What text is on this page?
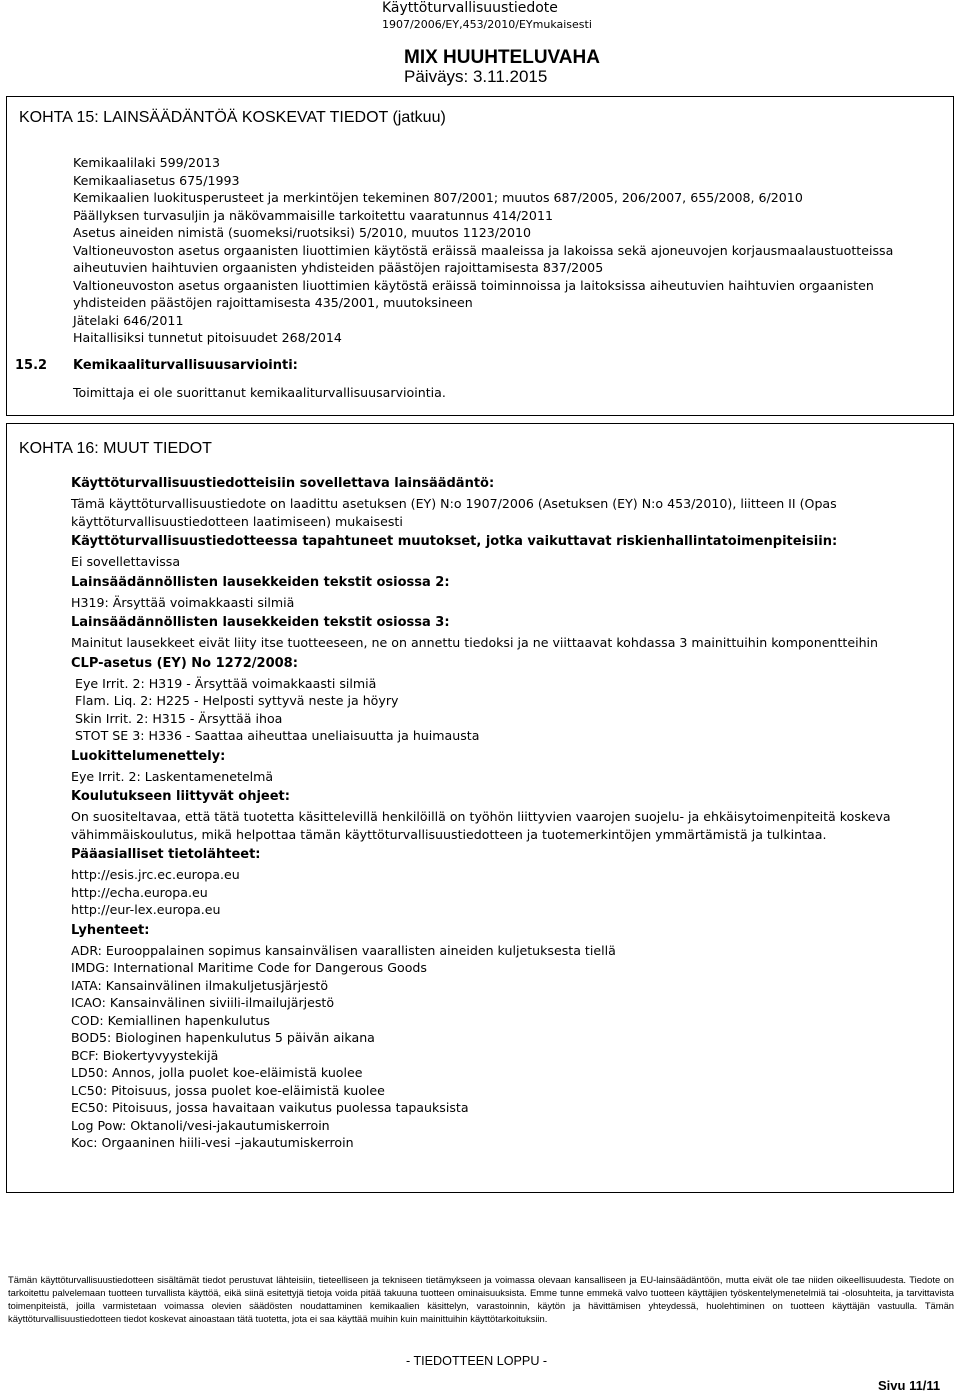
Käyttöturvallisuustiedote
1907/2006/EY,453/2010/EYmukaisesti
MIX HUUHTELUVAHA
Päiväys: 3.11.2015
KOHTA 15: LAINSÄÄDÄNTÖÄ KOSKEVAT TIEDOT (jatkuu)
Kemikaalilaki 599/2013
Kemikaaliasetus 675/1993
Kemikaalien luokitusperusteet ja merkintöjen tekeminen 807/2001; muutos 687/2005, 206/2007, 655/2008, 6/2010
Päällyksen turvasuljin ja näkövammaisille tarkoitettu vaaratunnus 414/2011
Asetus aineiden nimistä (suomeksi/ruotsiksi) 5/2010, muutos 1123/2010
Valtioneuvoston asetus orgaanisten liuottimien käytöstä eräissä maaleissa ja lakoissa sekä ajoneuvojen korjausmaalaustuotteissa
aiheutuvien haihtuvien orgaanisten yhdisteiden päästöjen rajoittamisesta 837/2005
Valtioneuvoston asetus orgaanisten liuottimien käytöstä eräissä toiminnoissa ja laitoksissa aiheutuvien haihtuvien orgaanisten
yhdisteiden päästöjen rajoittamisesta 435/2001, muutoksineen
Jätelaki 646/2011
Haitallisiksi tunnetut pitoisuudet 268/2014
15.2 Kemikaaliturvallisuusarviointi:
Toimittaja ei ole suorittanut kemikaaliturvallisuusarviointia.
KOHTA 16: MUUT TIEDOT

Käyttöturvallisuustiedotteisiin sovellettava lainsäädäntö:

Tämä käyttöturvallisuustiedote on laadittu asetuksen (EY) N:o 1907/2006 (Asetuksen (EY) N:o 453/2010), liitteen II (Opas

käyttöturvallisuustiedotteen laatimiseen) mukaisesti

Käyttöturvallisuustiedotteessa tapahtuneet muutokset, jotka vaikuttavat riskienhallintatoimenpiteisiin:

Ei sovellettavissa

Lainsäädännöllisten lausekkeiden tekstit osiossa 2:

H319: Ärsyttää voimakkaasti silmiä

Lainsäädännöllisten lausekkeiden tekstit osiossa 3:

Mainitut lausekkeet eivät liity itse tuotteeseen, ne on annettu tiedoksi ja ne viittaavat kohdassa 3 mainittuihin komponentteihin

CLP-asetus (EY) No 1272/2008:

Eye Irrit. 2: H319 - Ärsyttää voimakkaasti silmiä

Flam. Liq. 2: H225 - Helposti syttyvä neste ja höyry

Skin Irrit. 2: H315 - Ärsyttää ihoa

STOT SE 3: H336 - Saattaa aiheuttaa uneliaisuutta ja huimausta

Luokittelumenettely:

Eye Irrit. 2: Laskentamenetelmä

Koulutukseen liittyvät ohjeet:

On suositeltavaa, että tätä tuotetta käsittelevillä henkilöillä on työhön liittyvien vaarojen suojelu- ja ehkäisytoimenpiteitä koskeva

vähimmäiskoulutus, mikä helpottaa tämän käyttöturvallisuustiedotteen ja tuotemerkintöjen ymmärtämistä ja tulkintaa.

Pääasialliset tietolähteet:

http://esis.jrc.ec.europa.eu

http://echa.europa.eu

http://eur-lex.europa.eu

Lyhenteet:

ADR: Eurooppalainen sopimus kansainvälisen vaarallisten aineiden kuljetuksesta tiellä

IMDG: International Maritime Code for Dangerous Goods

IATA: Kansainvälinen ilmakuljetusjärjestö

ICAO: Kansainvälinen siviili-ilmailujärjestö

COD: Kemiallinen hapenkulutus

BOD5: Biologinen hapenkulutus 5 päivän aikana

BCF: Biokertyvyystekijä

LD50: Annos, jolla puolet koe-eläimistä kuolee

LC50: Pitoisuus, jossa puolet koe-eläimistä kuolee

EC50: Pitoisuus, jossa havaitaan vaikutus puolessa tapauksista

Log Pow: Oktanoli/vesi-jakautumiskerroin

Koc: Orgaaninen hiili-vesi –jakautumiskerroin

Tämän käyttöturvallisuustiedotteen sisältämät tiedot perustuvat lähteisiin, tieteelliseen ja tekniseen tietämykseen ja voimassa olevaan kansalliseen ja EU-lainsäädäntöön, mutta eivät ole tae niiden oikeellisuudesta. Tiedote on tarkoitettu palvelemaan tuotteen turvallista käyttöä, eikä siinä esitettyjä tietoja voida pitää takuuna tuotteen ominaisuuksista. Emme tunne emmekä valvo tuotteen käyttäjien työskentelymenetelmiä tai -olosuhteita, ja tarvittavista toimenpiteistä, joilla varmistetaan voimassa olevien säädösten noudattaminen kemikaalien käsittelyn, varastoinnin, käytön ja hävittämisen yhteydessä, huolehtiminen on tuotteen käyttäjän vastuulla. Tämän käyttöturvallisuustiedotteen tiedot koskevat ainoastaan tätä tuotetta, jota ei saa käyttää muihin kuin mainittuihin käyttötarkoituksiin.
- TIEDOTTEEN LOPPU -
Sivu 11/11
